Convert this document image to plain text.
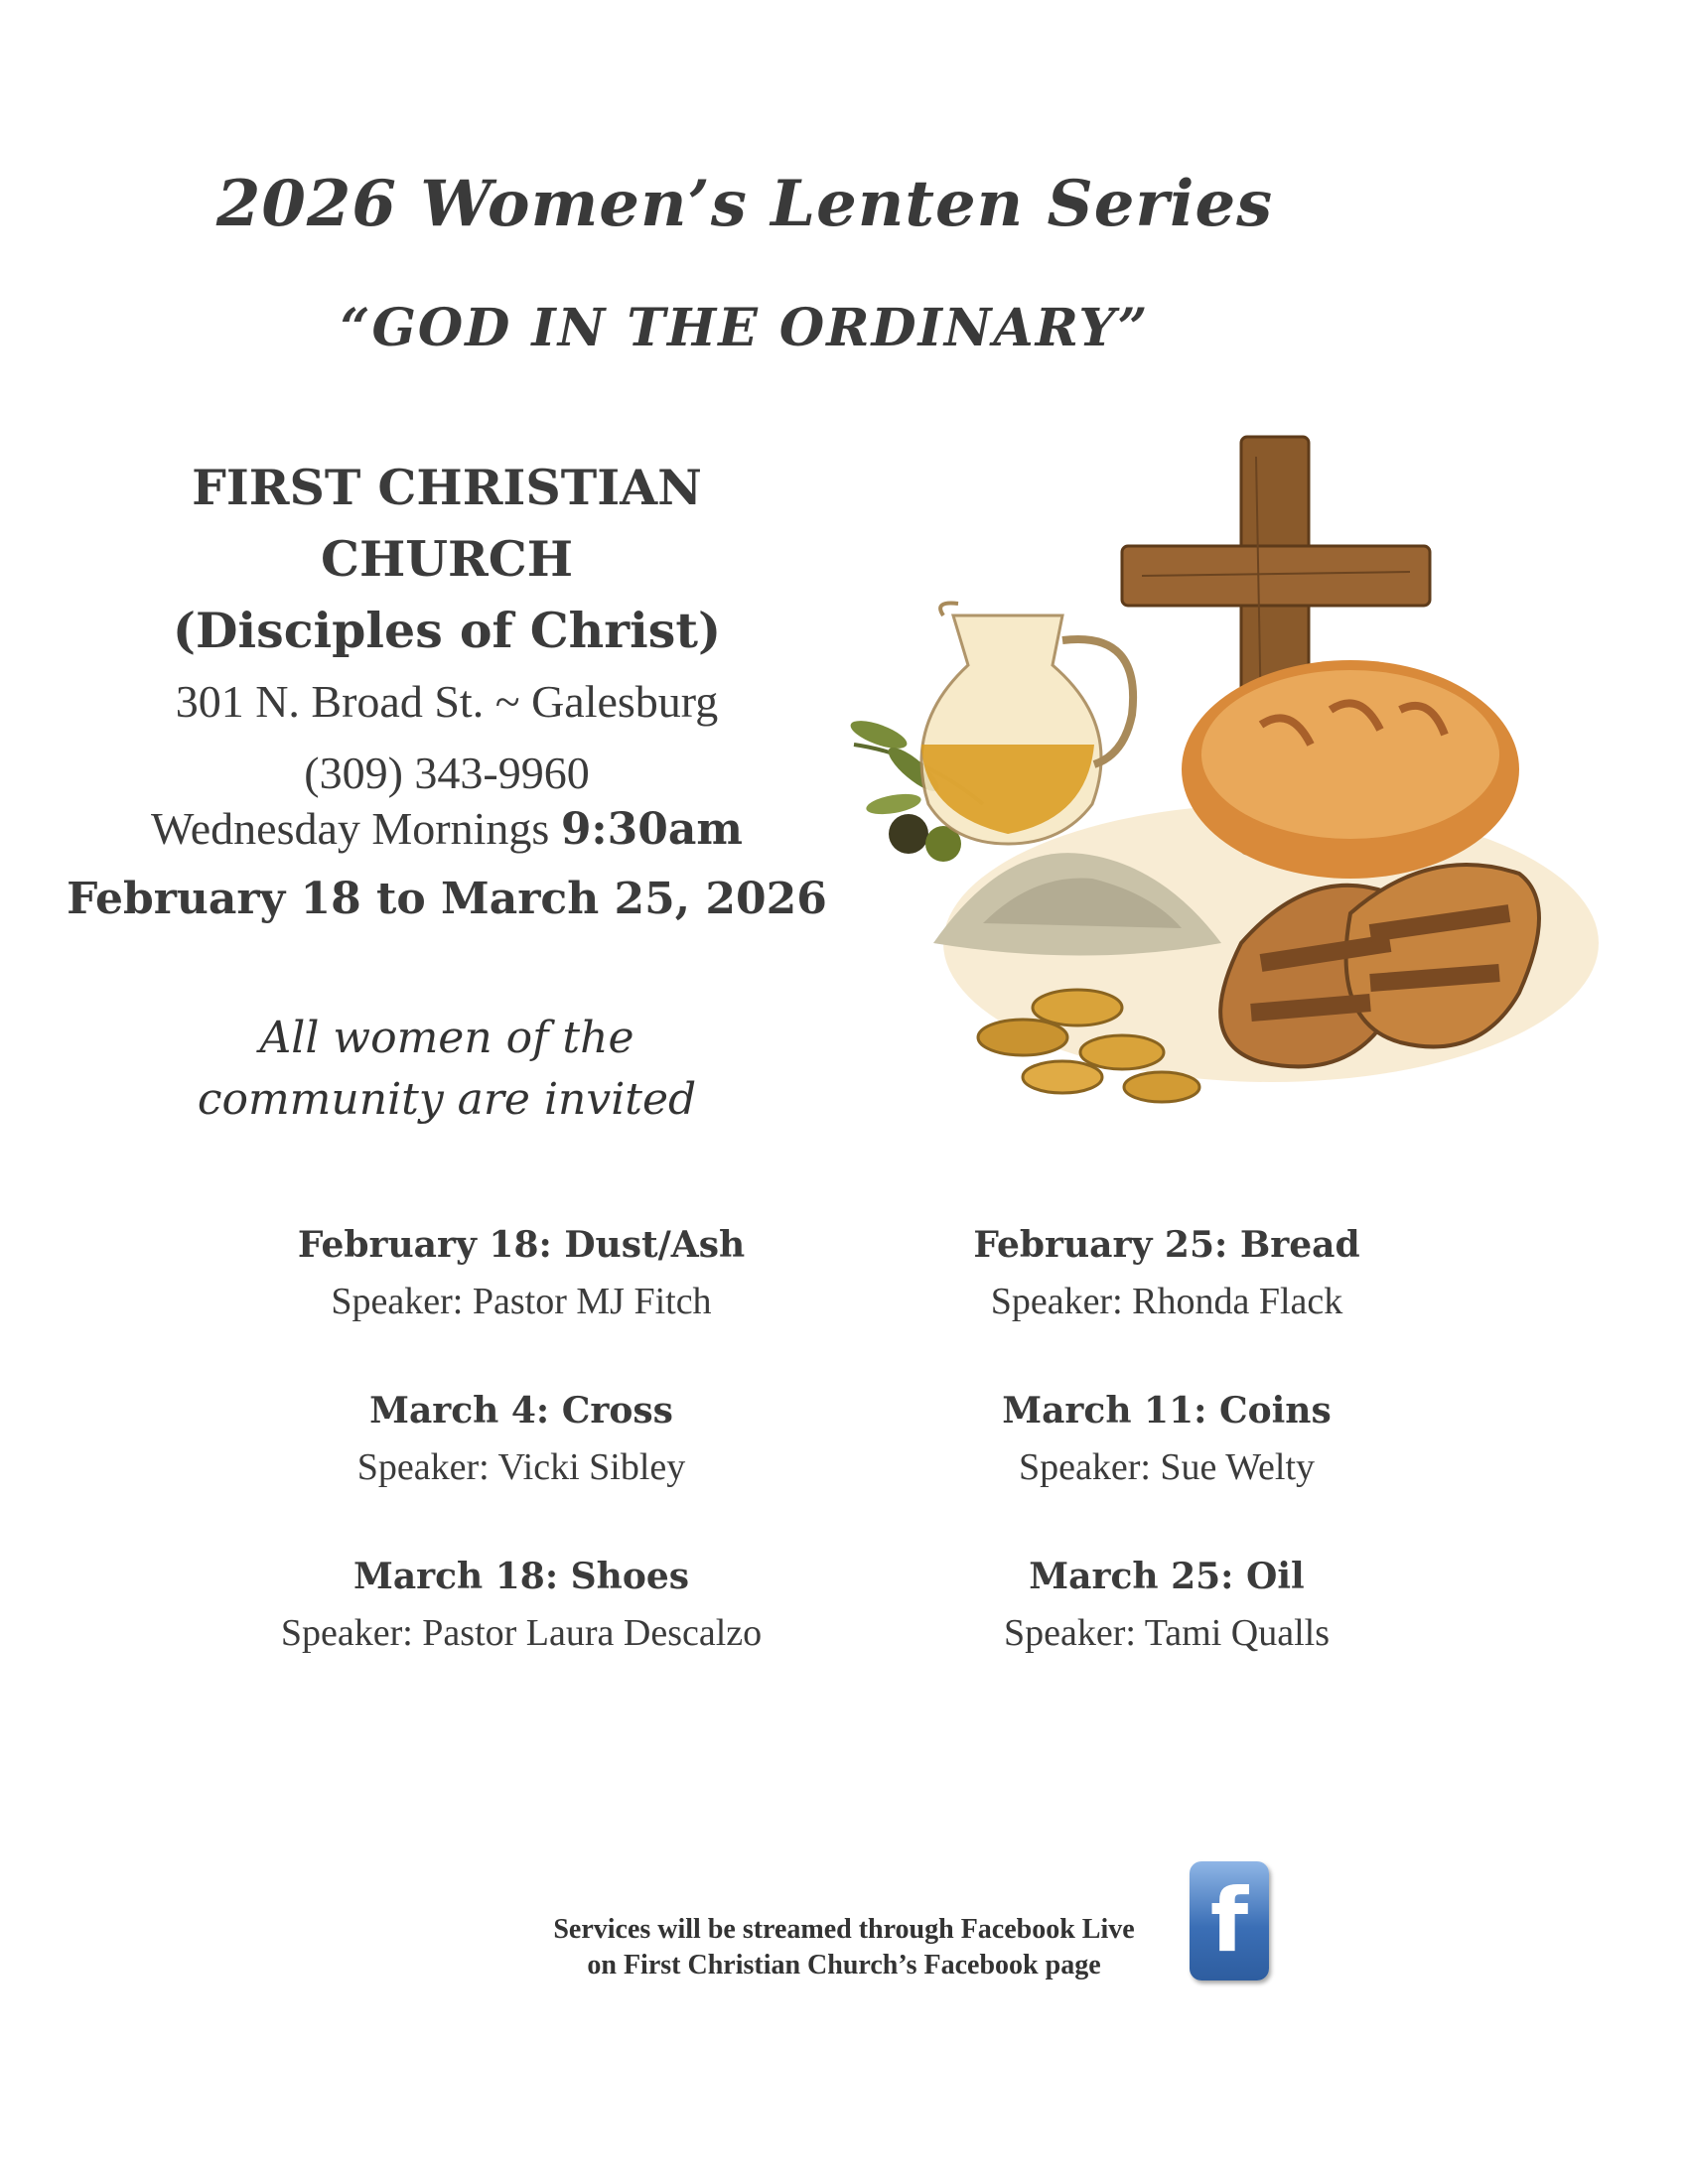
2026 Women’s Lenten Series
“GOD IN THE ORDINARY”
FIRST CHRISTIAN CHURCH
(Disciples of Christ)
301 N. Broad St. ~ Galesburg
(309) 343-9960
Wednesday Mornings 9:30am
February 18 to March 25, 2026
All women of the
community are invited
February 18: Dust/Ash
Speaker: Pastor MJ Fitch
February 25: Bread
Speaker: Rhonda Flack
March 4: Cross
Speaker: Vicki Sibley
March 11: Coins
Speaker: Sue Welty
March 18: Shoes
Speaker: Pastor Laura Descalzo
March 25: Oil
Speaker: Tami Qualls
Services will be streamed through Facebook Live
on First Christian Church’s Facebook page	f
